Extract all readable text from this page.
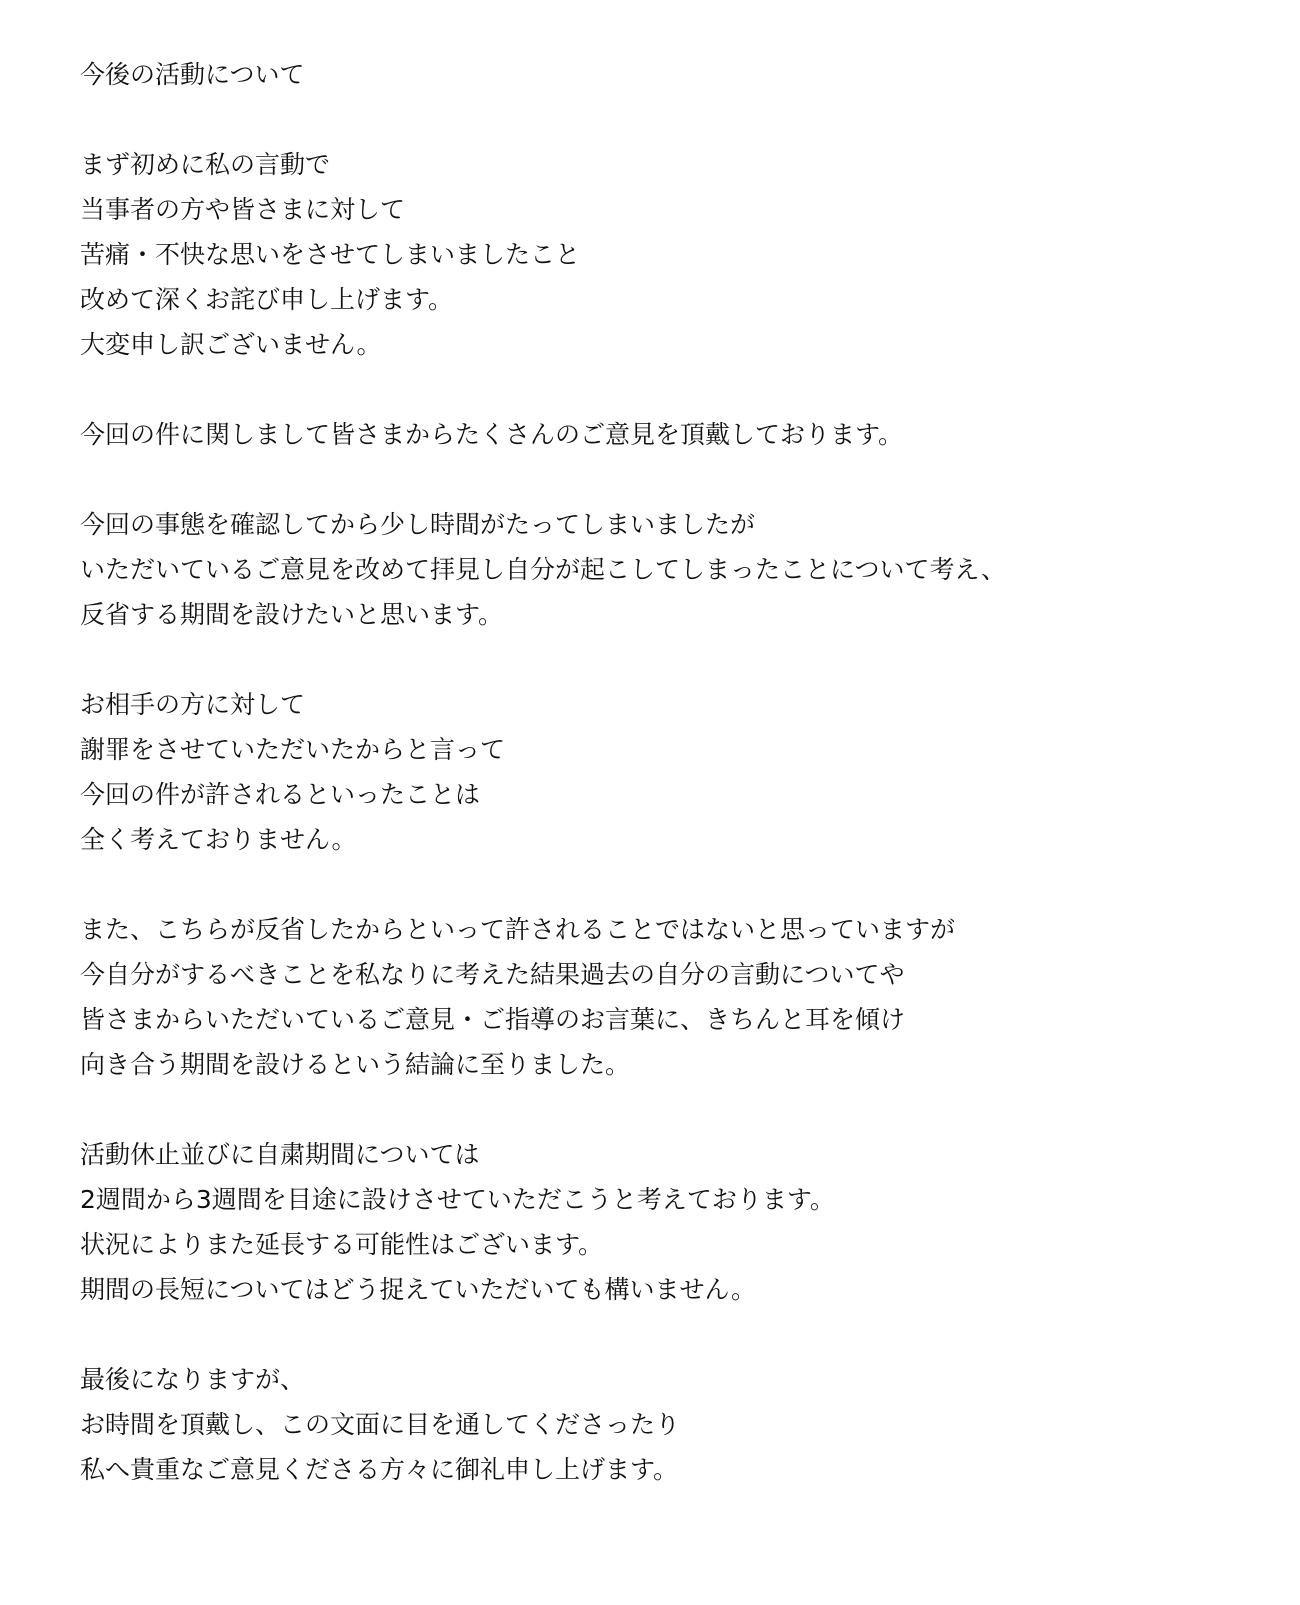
今後の活動について
まず初めに私の言動で
当事者の方や皆さまに対して
苦痛・不快な思いをさせてしまいましたこと
改めて深くお詫び申し上げます。
大変申し訳ございません。
今回の件に関しまして皆さまからたくさんのご意見を頂戴しております。
今回の事態を確認してから少し時間がたってしまいましたが
いただいているご意見を改めて拝見し自分が起こしてしまったことについて考え、
反省する期間を設けたいと思います。
お相手の方に対して
謝罪をさせていただいたからと言って
今回の件が許されるといったことは
全く考えておりません。
また、こちらが反省したからといって許されることではないと思っていますが
今自分がするべきことを私なりに考えた結果過去の自分の言動についてや
皆さまからいただいているご意見・ご指導のお言葉に、きちんと耳を傾け
向き合う期間を設けるという結論に至りました。
活動休止並びに自粛期間については
2週間から3週間を目途に設けさせていただこうと考えております。
状況によりまた延長する可能性はございます。
期間の長短についてはどう捉えていただいても構いません。
最後になりますが、
お時間を頂戴し、この文面に目を通してくださったり
私へ貴重なご意見くださる方々に御礼申し上げます。
